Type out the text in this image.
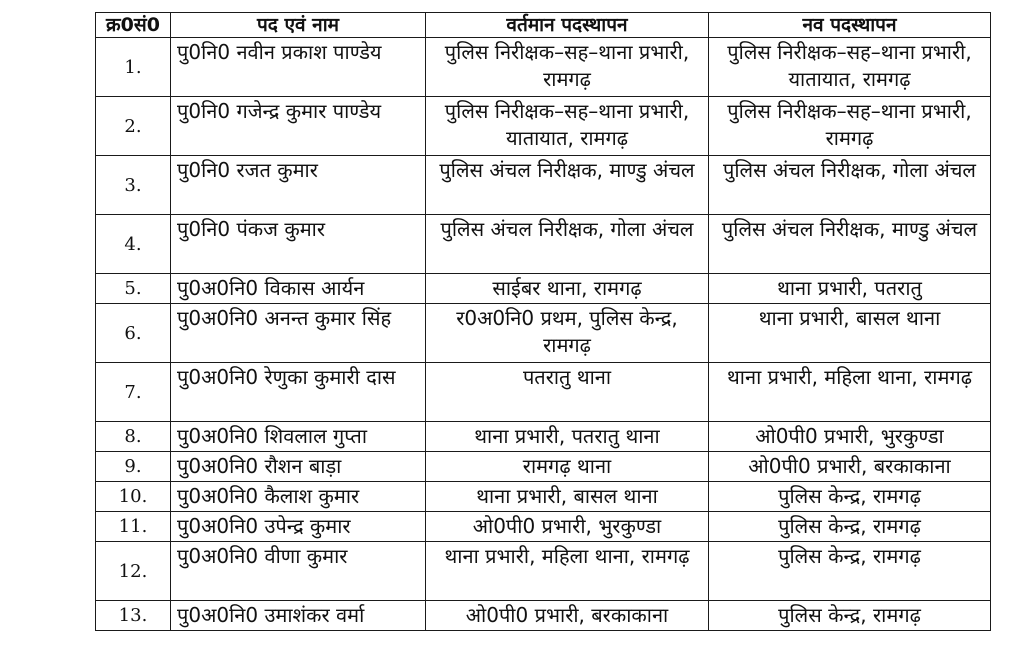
क्र0सं0	पद एवं नाम	वर्तमान पदस्थापन	नव पदस्थापन
1.	पु0नि0 नवीन प्रकाश पाण्डेय	पुलिस निरीक्षक–सह–थाना प्रभारी, रामगढ़	पुलिस निरीक्षक–सह–थाना प्रभारी, यातायात, रामगढ़
2.	पु0नि0 गजेन्द्र कुमार पाण्डेय	पुलिस निरीक्षक–सह–थाना प्रभारी, यातायात, रामगढ़	पुलिस निरीक्षक–सह–थाना प्रभारी, रामगढ़
3.	पु0नि0 रजत कुमार	पुलिस अंचल निरीक्षक, माण्डु अंचल	पुलिस अंचल निरीक्षक, गोला अंचल
4.	पु0नि0 पंकज कुमार	पुलिस अंचल निरीक्षक, गोला अंचल	पुलिस अंचल निरीक्षक, माण्डु अंचल
5.	पु0अ0नि0 विकास आर्यन	साईबर थाना, रामगढ़	थाना प्रभारी, पतरातु
6.	पु0अ0नि0 अनन्त कुमार सिंह	र0अ0नि0 प्रथम, पुलिस केन्द्र, रामगढ़	थाना प्रभारी, बासल थाना
7.	पु0अ0नि0 रेणुका कुमारी दास	पतरातु थाना	थाना प्रभारी, महिला थाना, रामगढ़
8.	पु0अ0नि0 शिवलाल गुप्ता	थाना प्रभारी, पतरातु थाना	ओ0पी0 प्रभारी, भुरकुण्डा
9.	पु0अ0नि0 रौशन बाड़ा	रामगढ़ थाना	ओ0पी0 प्रभारी, बरकाकाना
10.	पु0अ0नि0 कैलाश कुमार	थाना प्रभारी, बासल थाना	पुलिस केन्द्र, रामगढ़
11.	पु0अ0नि0 उपेन्द्र कुमार	ओ0पी0 प्रभारी, भुरकुण्डा	पुलिस केन्द्र, रामगढ़
12.	पु0अ0नि0 वीणा कुमार	थाना प्रभारी, महिला थाना, रामगढ़	पुलिस केन्द्र, रामगढ़
13.	पु0अ0नि0 उमाशंकर वर्मा	ओ0पी0 प्रभारी, बरकाकाना	पुलिस केन्द्र, रामगढ़
